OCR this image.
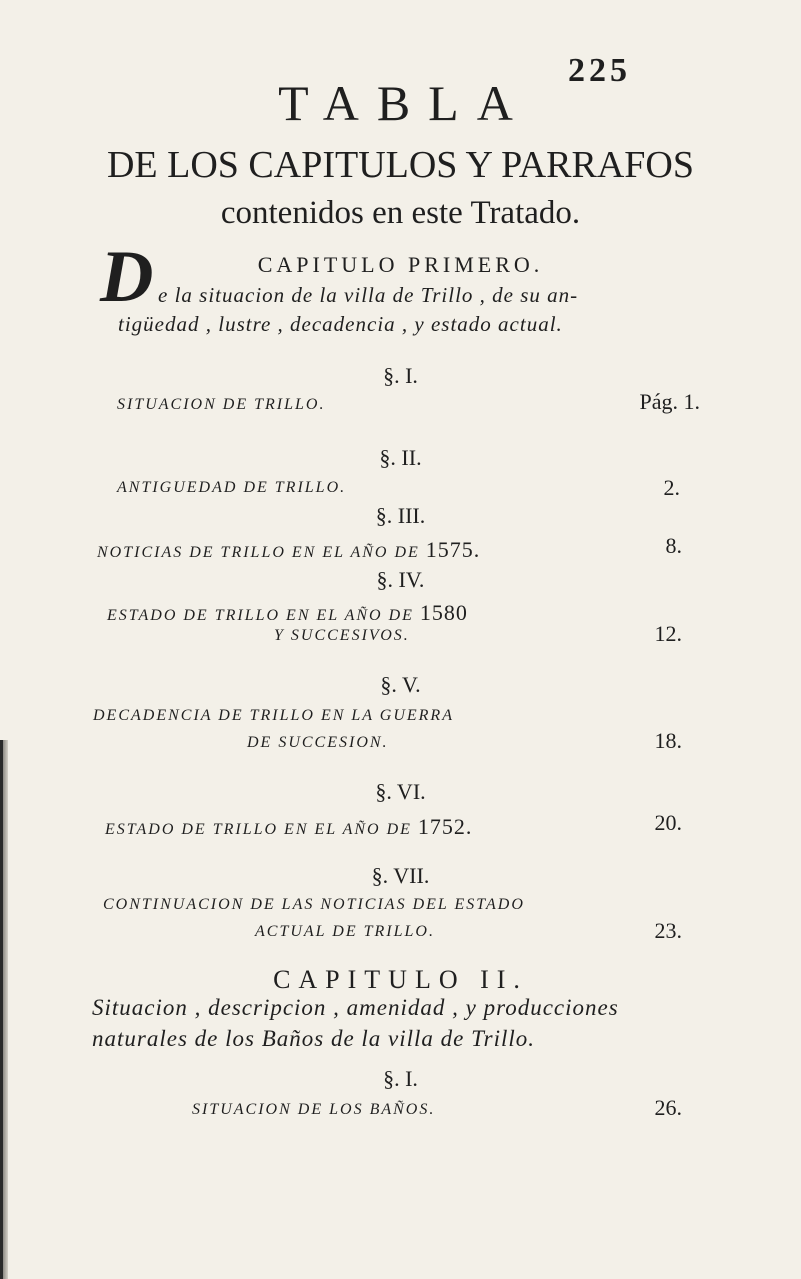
225
TABLA
DE LOS CAPITULOS Y PARRAFOS
contenidos en este Tratado.
CAPITULO PRIMERO.
D e la situacion de la villa de Trillo , de su an-
tigüedad , lustre , decadencia , y estado actual.
§. I.
SITUACION DE TRILLO.	Pág. 1.
§. II.
ANTIGUEDAD DE TRILLO.	2.
§. III.
NOTICIAS DE TRILLO EN EL AÑO DE 1575.	8.
§. IV.
ESTADO DE TRILLO EN EL AÑO DE 1580
Y SUCCESIVOS.	12.
§. V.
DECADENCIA DE TRILLO EN LA GUERRA
DE SUCCESION.	18.
§. VI.
ESTADO DE TRILLO EN EL AÑO DE 1752.	20.
§. VII.
CONTINUACION DE LAS NOTICIAS DEL ESTADO
ACTUAL DE TRILLO.	23.
CAPITULO II.
Situacion , descripcion , amenidad , y producciones
naturales de los Baños de la villa de Trillo.
§. I.
SITUACION DE LOS BAÑOS.	26.
